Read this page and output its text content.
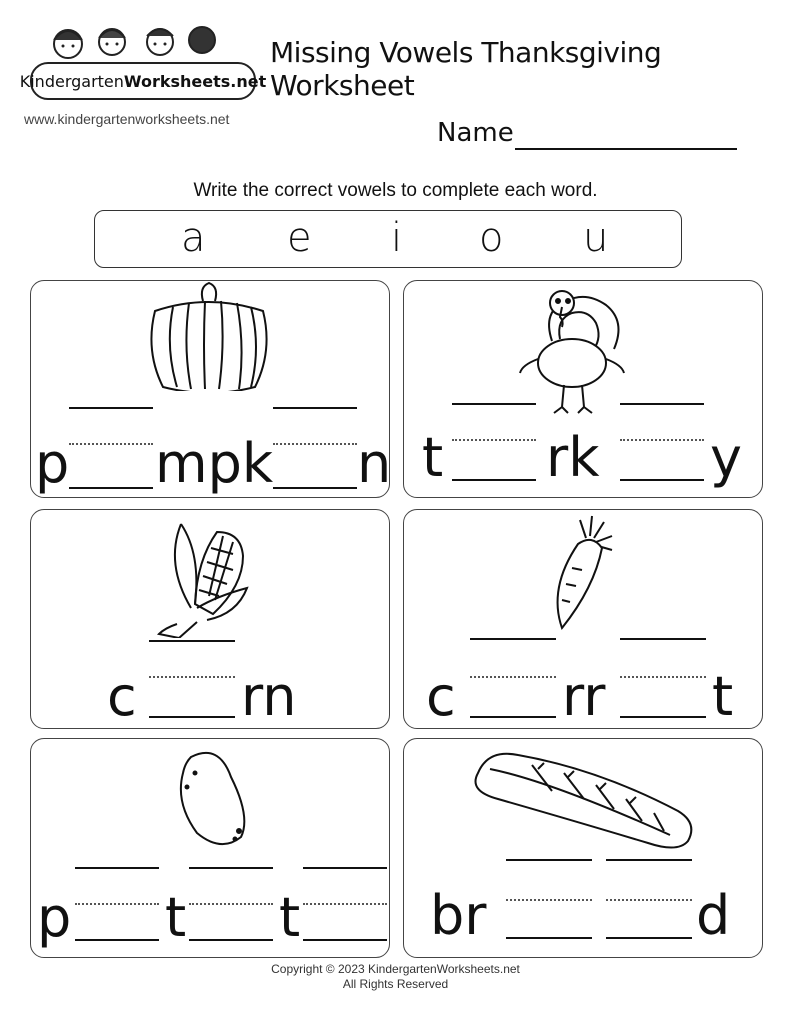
Kindergarten Worksheets.net
www.kindergartenworksheets.net
Missing Vowels Thanksgiving Worksheet
Name
Write the correct vowels to complete each word.
a e i o u
p mpk n t rk y
c rn c rr t
p t t br	d
Copyright © 2023 KindergartenWorksheets.net
All Rights Reserved
